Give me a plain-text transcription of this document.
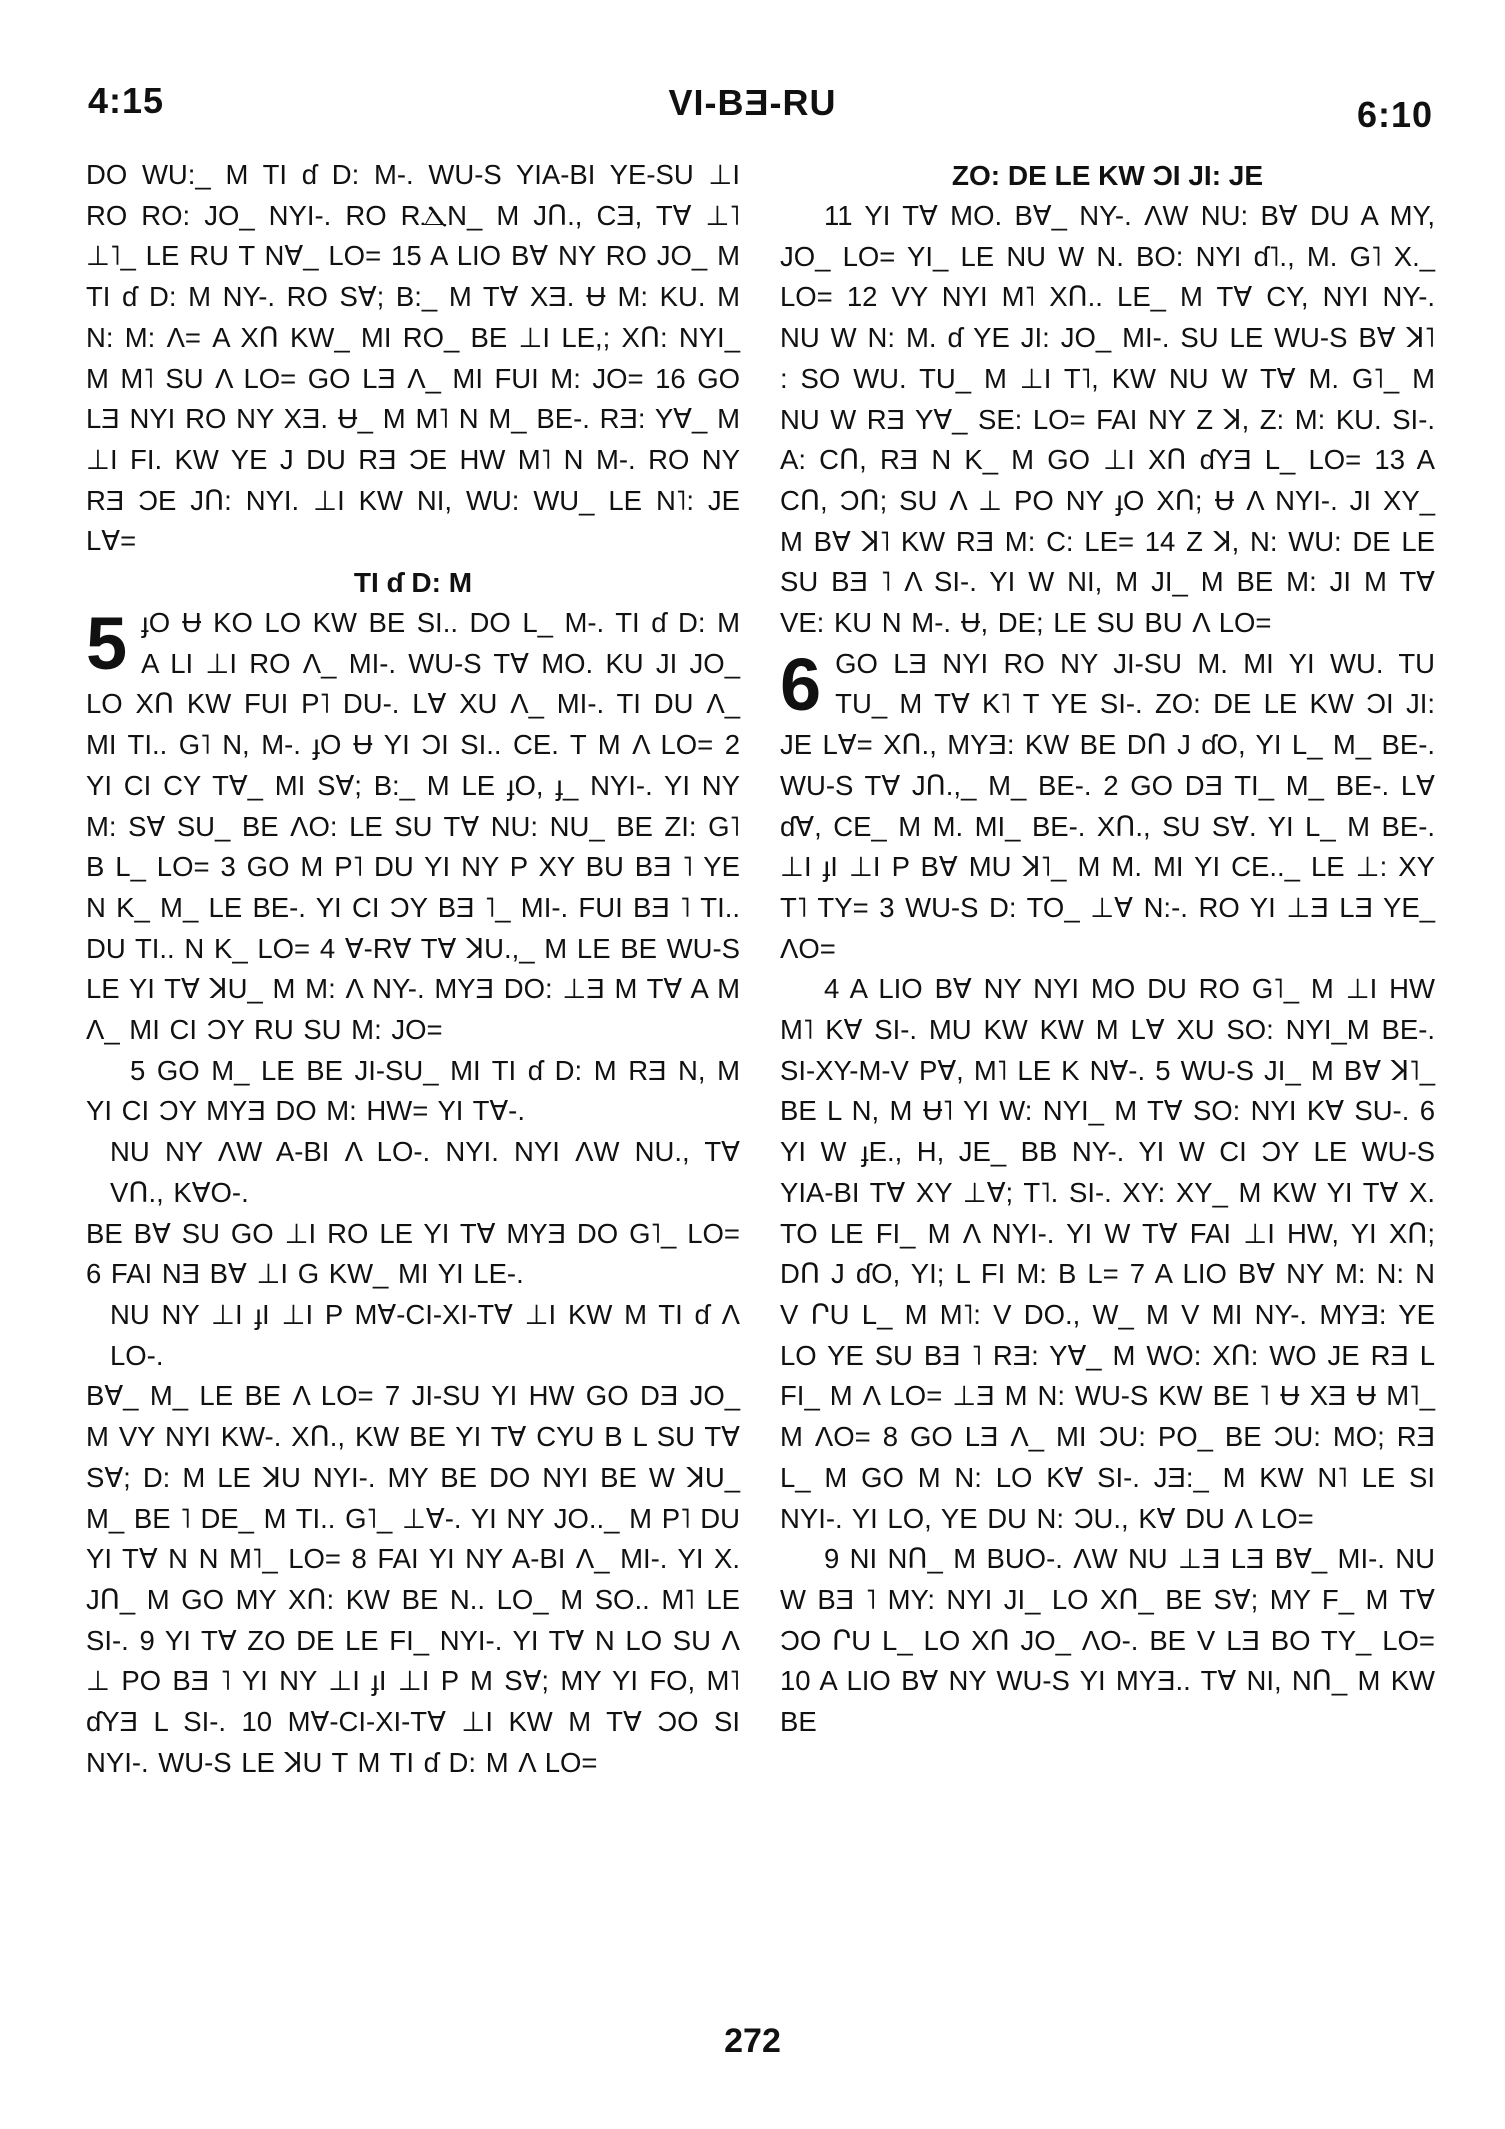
4:15	VI-BƎ-RU	6:10

DO WU:_ M TI ɗ D: M-. WU-S YIA-BI YE-SU ⊥I RO RO: JO_ NYI-. RO RⲆN_ M JՈ., CƎ, TⱯ ⊥˥ ⊥˥_ LE RU T NⱯ_ LO= 15 A LIO BⱯ NY RO JO_ M TI ɗ D: M NY-. RO SⱯ; B:_ M TⱯ XƎ. Ʉ M: KU. M N: M: Λ= A XՈ KW_ MI RO_ BE ⊥I LE,; XՈ: NYI_ M M˥ SU Λ LO= GO LƎ Λ_ MI FUI M: JO= 16 GO LƎ NYI RO NY XƎ. Ʉ_ M M˥ N M_ BE-. RƎ: YⱯ_ M ⊥I FI. KW YE J DU RƎ ƆE HW M˥ N M-. RO NY RƎ ƆE JՈ: NYI. ⊥I KW NI, WU: WU_ LE N˥: JE LⱯ=

TI ɗ D: M

5 ɟO Ʉ KO LO KW BE SI.. DO L_ M-. TI ɗ D: M A LI ⊥I RO Λ_ MI-. WU-S TⱯ MO. KU JI JO_ LO XՈ KW FUI P˥ DU-. LⱯ XU Λ_ MI-. TI DU Λ_ MI TI.. G˥ N, M-. ɟO Ʉ YI ƆI SI.. CE. T M Λ LO= 2 YI CI CY TⱯ_ MI SⱯ; B:_ M LE ɟO, ɟ_ NYI-. YI NY M: SⱯ SU_ BE ΛO: LE SU TⱯ NU: NU_ BE ZI: G˥ B L_ LO= 3 GO M P˥ DU YI NY P XY BU BƎ ˥ YE N K_ M_ LE BE-. YI CI ƆY BƎ ˥_ MI-. FUI BƎ ˥ TI.. DU TI.. N K_ LO= 4 Ɐ-RⱯ TⱯ ꓘU.,_ M LE BE WU-S LE YI TⱯ ꓘU_ M M: Λ NY-. MYƎ DO: ⊥Ǝ M TⱯ A M Λ_ MI CI ƆY RU SU M: JO=

5 GO M_ LE BE JI-SU_ MI TI ɗ D: M RƎ N, M YI CI ƆY MYƎ DO M: HW= YI TⱯ-.

NU NY ΛW A-BI Λ LO-. NYI. NYI ΛW NU., TⱯ VՈ., KⱯO-.

BE BⱯ SU GO ⊥I RO LE YI TⱯ MYƎ DO G˥_ LO= 6 FAI NƎ BⱯ ⊥I G KW_ MI YI LE-.

NU NY ⊥I ɟI ⊥I P MⱯ-CI-XI-TⱯ ⊥I KW M TI ɗ Λ LO-.

BⱯ_ M_ LE BE Λ LO= 7 JI-SU YI HW GO DƎ JO_ M VY NYI KW-. XՈ., KW BE YI TⱯ CYU B L SU TⱯ SⱯ; D: M LE ꓘU NYI-. MY BE DO NYI BE W ꓘU_ M_ BE ˥ DE_ M TI.. G˥_ ⊥Ɐ-. YI NY JO.._ M P˥ DU YI TⱯ N N M˥_ LO= 8 FAI YI NY A-BI Λ_ MI-. YI X. JՈ_ M GO MY XՈ: KW BE N.. LO_ M SO.. M˥ LE SI-. 9 YI TⱯ ZO DE LE FI_ NYI-. YI TⱯ N LO SU Λ ⊥ PO BƎ ˥ YI NY ⊥I ɟI ⊥I P M SⱯ; MY YI FO, M˥ ɗYƎ L SI-. 10 MⱯ-CI-XI-TⱯ ⊥I KW M TⱯ ƆO SI NYI-. WU-S LE ꓘU T M TI ɗ D: M Λ LO=

ZO: DE LE KW ƆI JI: JE

11 YI TⱯ MO. BⱯ_ NY-. ΛW NU: BⱯ DU A MY, JO_ LO= YI_ LE NU W N. BO: NYI ɗ˥., M. G˥ X._ LO= 12 VY NYI M˥ XՈ.. LE_ M TⱯ CY, NYI NY-. NU W N: M. ɗ YE JI: JO_ MI-. SU LE WU-S BⱯ ꓘ˥ : SO WU. TU_ M ⊥I T˥, KW NU W TⱯ M. G˥_ M NU W RƎ YⱯ_ SE: LO= FAI NY Z ꓘ, Z: M: KU. SI-. A: CՈ, RƎ N K_ M GO ⊥I XՈ ɗYƎ L_ LO= 13 A CՈ, ƆՈ; SU Λ ⊥ PO NY ɟO XՈ; Ʉ Λ NYI-. JI XY_ M BⱯ ꓘ˥ KW RƎ M: C: LE= 14 Z ꓘ, N: WU: DE LE SU BƎ ˥ Λ SI-. YI W NI, M JI_ M BE M: JI M TⱯ VE: KU N M-. Ʉ, DE; LE SU BU Λ LO=

6 GO LƎ NYI RO NY JI-SU M. MI YI WU. TU TU_ M TⱯ K˥ T YE SI-. ZO: DE LE KW ƆI JI: JE LⱯ= XՈ., MYƎ: KW BE DՈ J ɗO, YI L_ M_ BE-. WU-S TⱯ JՈ.,_ M_ BE-. 2 GO DƎ TI_ M_ BE-. LⱯ ɗⱯ, CE_ M M. MI_ BE-. XՈ., SU SⱯ. YI L_ M BE-. ⊥I ɟI ⊥I P BⱯ MU ꓘ˥_ M M. MI YI CE.._ LE ⊥: XY T˥ TY= 3 WU-S D: TO_ ⊥Ɐ N:-. RO YI ⊥Ǝ LƎ YE_ ΛO=

4 A LIO BⱯ NY NYI MO DU RO G˥_ M ⊥I HW M˥ KⱯ SI-. MU KW KW M LⱯ XU SO: NYI_M BE-. SI-XY-M-V PⱯ, M˥ LE K NⱯ-. 5 WU-S JI_ M BⱯ ꓘ˥_ BE L N, M Ʉ˥ YI W: NYI_ M TⱯ SO: NYI KⱯ SU-. 6 YI W ɟE., H, JE_ BB NY-. YI W CI ƆY LE WU-S YIA-BI TⱯ XY ⊥Ɐ; T˥. SI-. XY: XY_ M KW YI TⱯ X. TO LE FI_ M Λ NYI-. YI W TⱯ FAI ⊥I HW, YI XՈ; DՈ J ɗO, YI; L FI M: B L= 7 A LIO BⱯ NY M: N: N V ՐU L_ M M˥: V DO., W_ M V MI NY-. MYƎ: YE LO YE SU BƎ ˥ RƎ: YⱯ_ M WO: XՈ: WO JE RƎ L FI_ M Λ LO= ⊥Ǝ M N: WU-S KW BE ˥ Ʉ XƎ Ʉ M˥_ M ΛO= 8 GO LƎ Λ_ MI ƆU: PO_ BE ƆU: MO; RƎ L_ M GO M N: LO KⱯ SI-. JƎ:_ M KW N˥ LE SI NYI-. YI LO, YE DU N: ƆU., KⱯ DU Λ LO=

9 NI NՈ_ M BUO-. ΛW NU ⊥Ǝ LƎ BⱯ_ MI-. NU W BƎ ˥ MY: NYI JI_ LO XՈ_ BE SⱯ; MY F_ M TⱯ ƆO ՐU L_ LO XՈ JO_ ΛO-. BE V LƎ BO TY_ LO= 10 A LIO BⱯ NY WU-S YI MYƎ.. TⱯ NI, NՈ_ M KW BE

272
